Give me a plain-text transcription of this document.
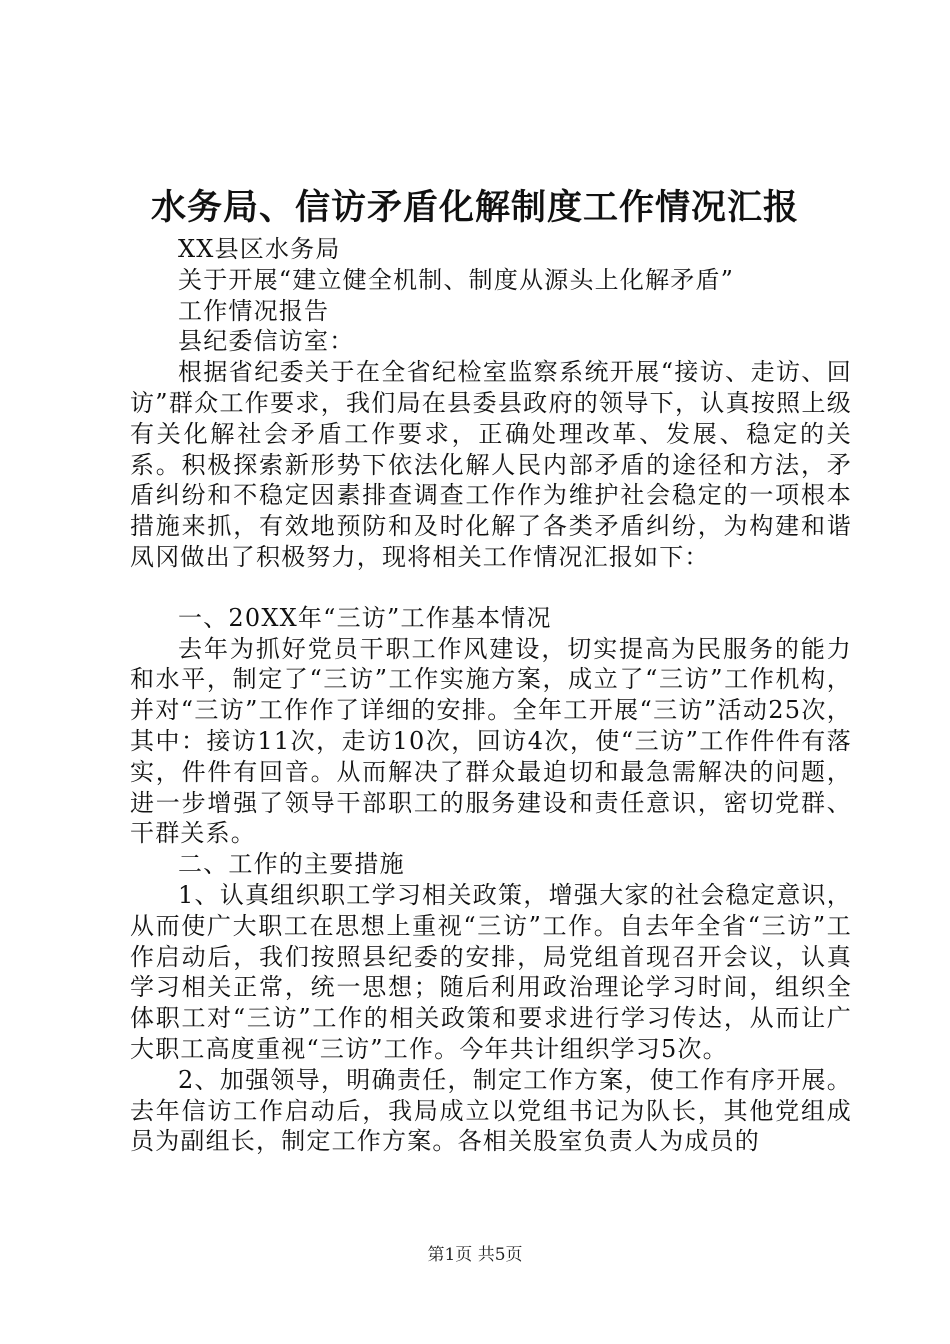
水务局、信访矛盾化解制度工作情况汇报

XX县区水务局

关于开展“建立健全机制、制度从源头上化解矛盾”

工作情况报告

县纪委信访室：

根据省纪委关于在全省纪检室监察系统开展“接访、走访、回访”群众工作要求，我们局在县委县政府的领导下，认真按照上级有关化解社会矛盾工作要求，正确处理改革、发展、稳定的关系。积极探索新形势下依法化解人民内部矛盾的途径和方法，矛盾纠纷和不稳定因素排查调查工作作为维护社会稳定的一项根本措施来抓，有效地预防和及时化解了各类矛盾纠纷，为构建和谐凤冈做出了积极努力，现将相关工作情况汇报如下：

一、20XX年“三访”工作基本情况

去年为抓好党员干职工作风建设，切实提高为民服务的能力和水平，制定了“三访”工作实施方案，成立了“三访”工作机构，并对“三访”工作作了详细的安排。全年工开展“三访”活动25次，其中：接访11次，走访10次，回访4次，使“三访”工作件件有落实，件件有回音。从而解决了群众最迫切和最急需解决的问题，进一步增强了领导干部职工的服务建设和责任意识，密切党群、干群关系。

二、工作的主要措施

1、认真组织职工学习相关政策，增强大家的社会稳定意识，从而使广大职工在思想上重视“三访”工作。自去年全省“三访”工作启动后，我们按照县纪委的安排，局党组首现召开会议，认真学习相关正常，统一思想；随后利用政治理论学习时间，组织全体职工对“三访”工作的相关政策和要求进行学习传达，从而让广大职工高度重视“三访”工作。今年共计组织学习5次。

2、加强领导，明确责任，制定工作方案，使工作有序开展。去年信访工作启动后，我局成立以党组书记为队长，其他党组成员为副组长，制定工作方案。各相关股室负责人为成员的

第1页 共5页
